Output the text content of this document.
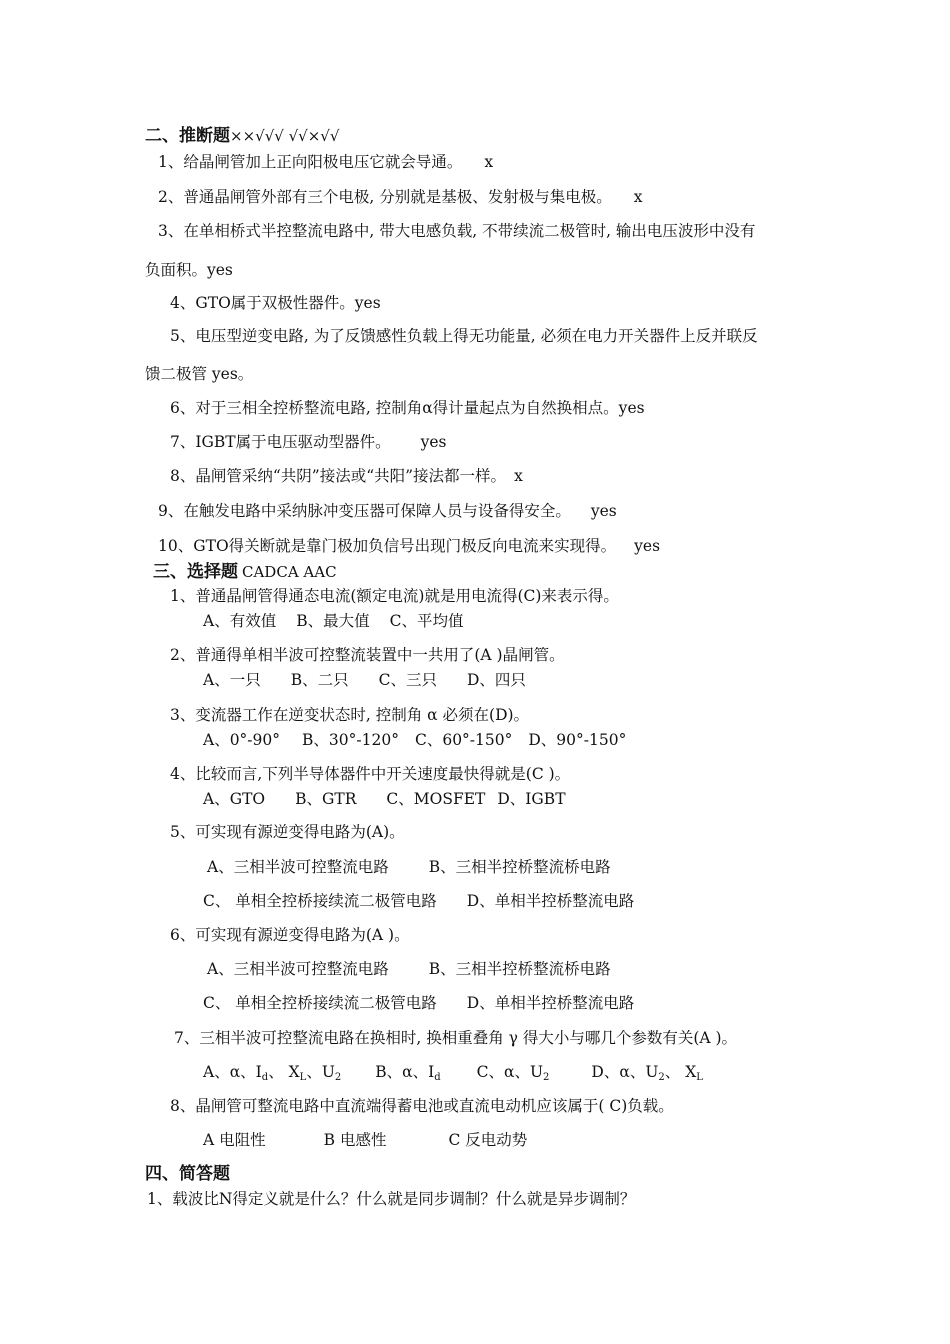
二、推断题××√√√ √√×√√
1、给晶闸管加上正向阳极电压它就会导通。 x
2、普通晶闸管外部有三个电极, 分别就是基极、发射极与集电极。 x
3、在单相桥式半控整流电路中, 带大电感负载, 不带续流二极管时, 输出电压波形中没有
负面积。yes
4、GTO属于双极性器件。yes
5、电压型逆变电路, 为了反馈感性负载上得无功能量, 必须在电力开关器件上反并联反
馈二极管 yes。
6、对于三相全控桥整流电路, 控制角α得计量起点为自然换相点。yes
7、IGBT属于电压驱动型器件。 yes
8、晶闸管采纳“共阴”接法或“共阳”接法都一样。 x
9、在触发电路中采纳脉冲变压器可保障人员与设备得安全。 yes
10、GTO得关断就是靠门极加负信号出现门极反向电流来实现得。 yes
三、选择题 CADCA AAC
1、普通晶闸管得通态电流(额定电流)就是用电流得(C)来表示得。
A、有效值 B、最大值 C、平均值
2、普通得单相半波可控整流装置中一共用了(A )晶闸管。
A、一只 B、二只 C、三只 D、四只
3、变流器工作在逆变状态时, 控制角 α 必须在(D)。
A、0°-90° B、30°-120° C、60°-150° D、90°-150°
4、比较而言,下列半导体器件中开关速度最快得就是(C )。
A、GTO B、GTR C、MOSFET D、IGBT
5、可实现有源逆变得电路为(A)。
A、三相半波可控整流电路	B、三相半控桥整流桥电路
C、 单相全控桥接续流二极管电路 D、单相半控桥整流电路
6、可实现有源逆变得电路为(A )。
A、三相半波可控整流电路	B、三相半控桥整流桥电路
C、 单相全控桥接续流二极管电路 D、单相半控桥整流电路
7、三相半波可控整流电路在换相时, 换相重叠角 γ 得大小与哪几个参数有关(A )。
A、α、$I_d$、 $X_L$、$U_2$ B、α、$I_d$ C、α、$U_2$	D、α、$U_2$、 $X_L$
8、晶闸管可整流电路中直流端得蓄电池或直流电动机应该属于( C)负载。
A 电阻性	B 电感性	C 反电动势
四、简答题
1、载波比N得定义就是什么？什么就是同步调制？什么就是异步调制？
